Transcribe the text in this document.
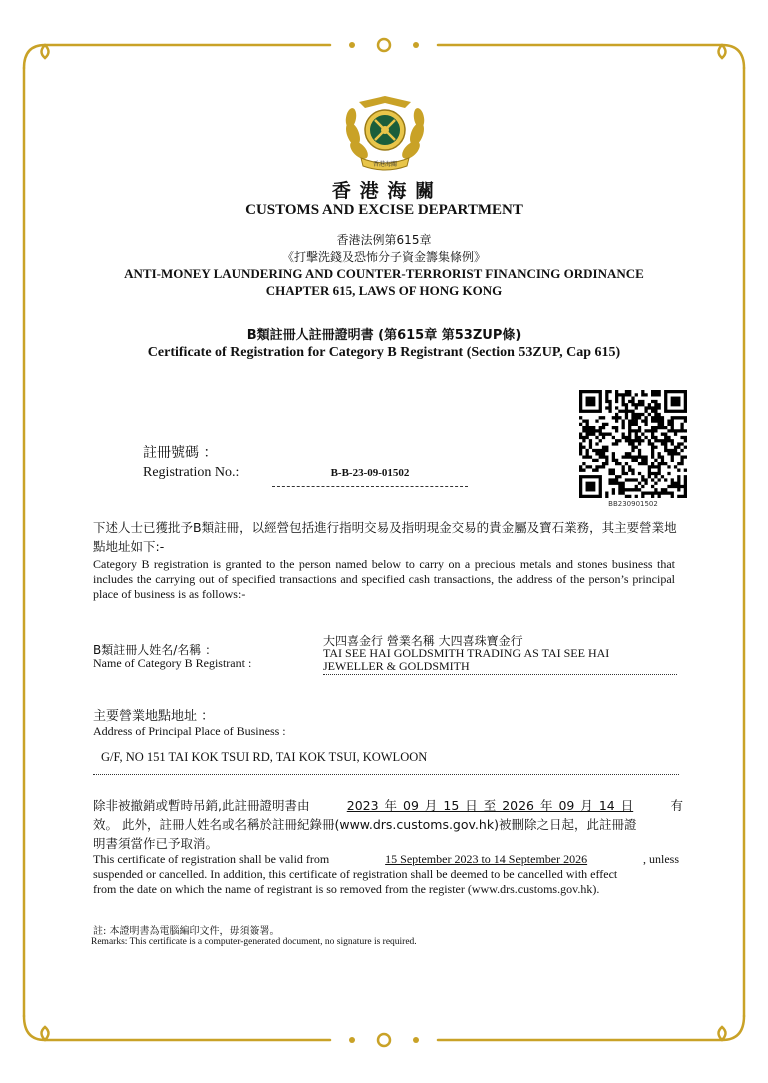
香港海關
香 港 海 關
CUSTOMS AND EXCISE DEPARTMENT
香港法例第615章
《打擊洗錢及恐怖分子資金籌集條例》
ANTI-MONEY LAUNDERING AND COUNTER-TERRORIST FINANCING ORDINANCE
CHAPTER 615, LAWS OF HONG KONG
B類註冊人註冊證明書 (第615章 第53ZUP條)
Certificate of Registration for Category B Registrant (Section 53ZUP, Cap 615)
註冊號碼 ：
Registration No.:	B-B-23-09-01502
BB230901502
下述人士已獲批予B類註冊，以經營包括進行指明交易及指明現金交易的貴金屬及寶石業務，其主要營業地點地址如下:-
Category B registration is granted to the person named below to carry on a precious metals and stones business that includes the carrying out of specified transactions and specified cash transactions, the address of the person’s principal place of business is as follows:-
B類註冊人姓名/名稱 ：
Name of Category B Registrant :
大四喜金行 營業名稱 大四喜珠寶金行
TAI SEE HAI GOLDSMITH TRADING AS TAI SEE HAI
JEWELLER & GOLDSMITH
主要營業地點地址 ：
Address of Principal Place of Business :
G/F, NO 151 TAI KOK TSUI RD, TAI KOK TSUI, KOWLOON
除非被撤銷或暫時吊銷,此註冊證明書由	2023 年 09 月 15 日 至 2026 年 09 月 14 日	有
效。 此外，註冊人姓名或名稱於註冊紀錄冊(www.drs.customs.gov.hk)被刪除之日起，此註冊證
明書須當作已予取消。
This certificate of registration shall be valid from	15 September 2023 to 14 September 2026	, unless
suspended or cancelled. In addition, this certificate of registration shall be deemed to be cancelled with effect
from the date on which the name of registrant is so removed from the register (www.drs.customs.gov.hk).
註: 本證明書為電腦編印文件，毋須簽署。
Remarks: This certificate is a computer-generated document, no signature is required.
